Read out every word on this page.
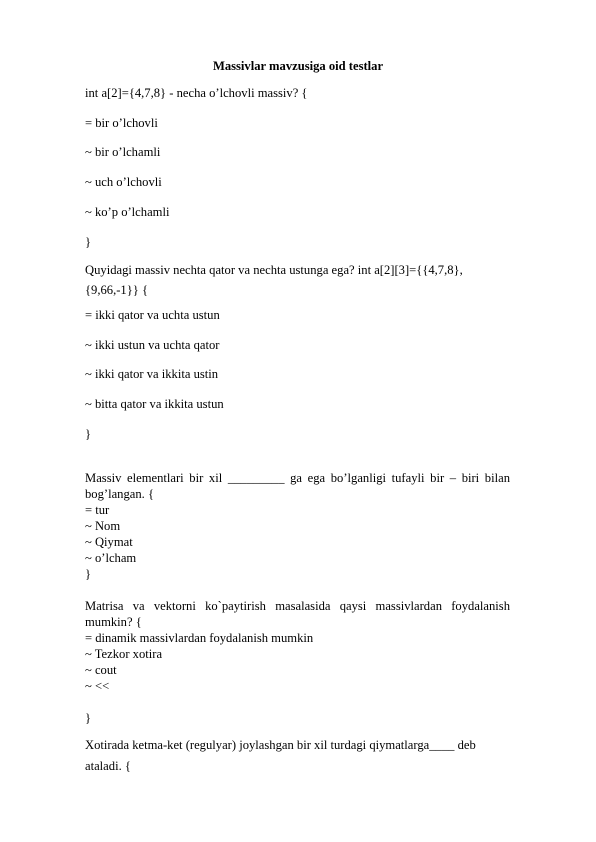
Massivlar mavzusiga oid testlar
int a[2]={4,7,8} - necha o’lchovli massiv? {
= bir o’lchovli
~ bir o’lchamli
~ uch o’lchovli
~ ko’p o’lchamli
}
Quyidagi massiv nechta qator va nechta ustunga ega? int a[2][3]={{4,7,8},
{9,66,-1}} {
= ikki qator va uchta ustun
~ ikki ustun va uchta qator
~ ikki qator va ikkita ustin
~ bitta qator va ikkita ustun
}
Massiv elementlari bir xil _________ ga ega bo’lganligi tufayli bir – biri bilan
bog’langan. {
= tur
~ Nom
~ Qiymat
~ o’lcham
}
Matrisa va vektorni ko`paytirish masalasida qaysi massivlardan foydalanish
mumkin? {
= dinamik massivlardan foydalanish mumkin
~ Tezkor xotira
~ cout
~ <<
}
Xotirada ketma-ket (regulyar) joylashgan bir xil turdagi qiymatlarga____ deb
ataladi. {
